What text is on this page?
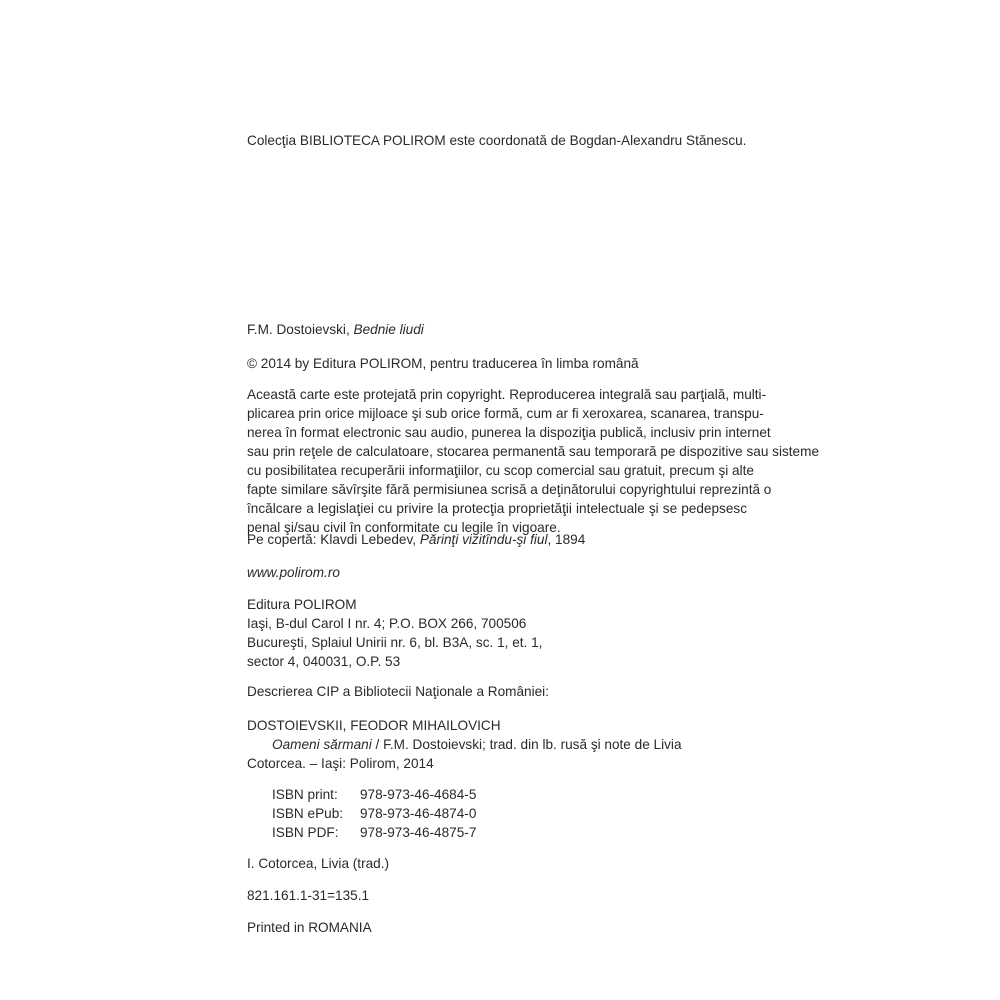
Colecţia BIBLIOTECA POLIROM este coordonată de Bogdan-Alexandru Stănescu.
F.M. Dostoievski, Bednie liudi
© 2014 by Editura POLIROM, pentru traducerea în limba română
Această carte este protejată prin copyright. Reproducerea integrală sau parţială, multi-
plicarea prin orice mijloace şi sub orice formă, cum ar fi xeroxarea, scanarea, transpu-
nerea în format electronic sau audio, punerea la dispoziţia publică, inclusiv prin internet
sau prin reţele de calculatoare, stocarea permanentă sau temporară pe dispozitive sau sisteme
cu posibilitatea recuperării informaţiilor, cu scop comercial sau gratuit, precum şi alte
fapte similare săvîrşite fără permisiunea scrisă a deţinătorului copyrightului reprezintă o
încălcare a legislaţiei cu privire la protecţia proprietăţii intelectuale şi se pedepsesc
penal şi/sau civil în conformitate cu legile în vigoare.
Pe copertă: Klavdi Lebedev, Părinţi vizitîndu-şi fiul, 1894
www.polirom.ro
Editura POLIROM
Iaşi, B-dul Carol I nr. 4; P.O. BOX 266, 700506
Bucureşti, Splaiul Unirii nr. 6, bl. B3A, sc. 1, et. 1,
sector 4, 040031, O.P. 53
Descrierea CIP a Bibliotecii Naţionale a României:
DOSTOIEVSKII, FEODOR MIHAILOVICH
Oameni sărmani / F.M. Dostoievski; trad. din lb. rusă şi note de Livia
Cotorcea. – Iaşi: Polirom, 2014
ISBN print: 978-973-46-4684-5
ISBN ePub: 978-973-46-4874-0
ISBN PDF: 978-973-46-4875-7
I. Cotorcea, Livia (trad.)
821.161.1-31=135.1
Printed in ROMANIA
